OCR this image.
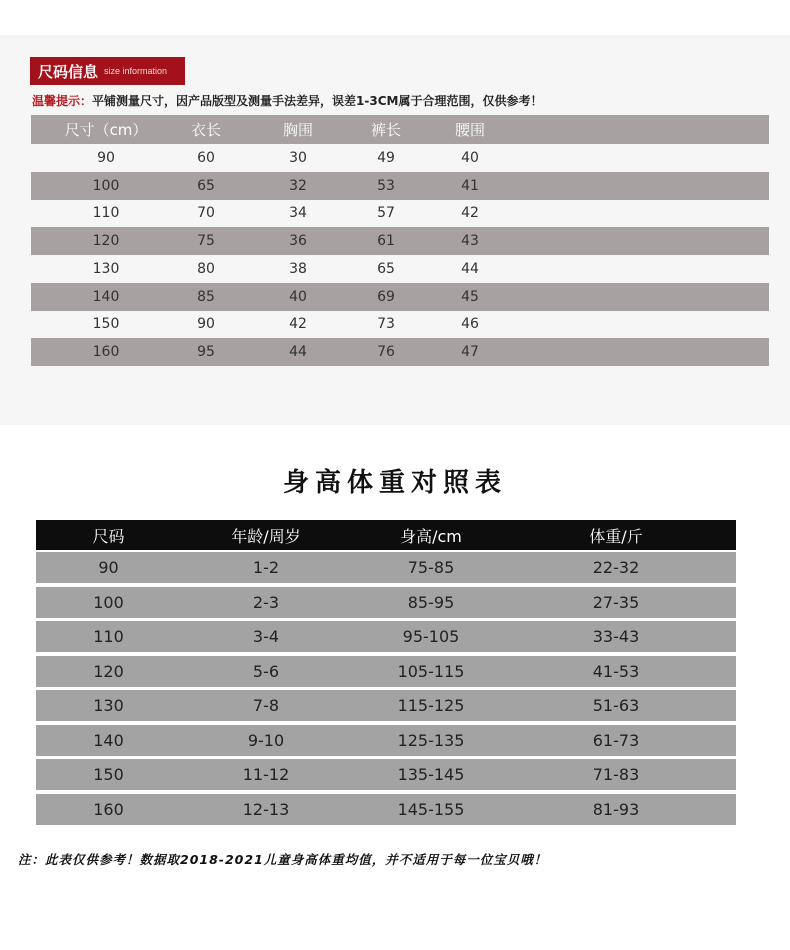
尺码信息 size information
温馨提示：平铺测量尺寸，因产品版型及测量手法差异，误差1-3CM属于合理范围，仅供参考！
尺寸（cm）	衣长	胸围	裤长	腰围
90	60	30	49	40
100	65	32	53	41
110	70	34	57	42
120	75	36	61	43
130	80	38	65	44
140	85	40	69	45
150	90	42	73	46
160	95	44	76	47
身高体重对照表
尺码	年龄/周岁	身高/cm	体重/斤
90	1-2	75-85	22-32
100	2-3	85-95	27-35
110	3-4	95-105	33-43
120	5-6	105-115	41-53
130	7-8	115-125	51-63
140	9-10	125-135	61-73
150	11-12	135-145	71-83
160	12-13	145-155	81-93
注：此表仅供参考！数据取2018-2021儿童身高体重均值，并不适用于每一位宝贝哦！
